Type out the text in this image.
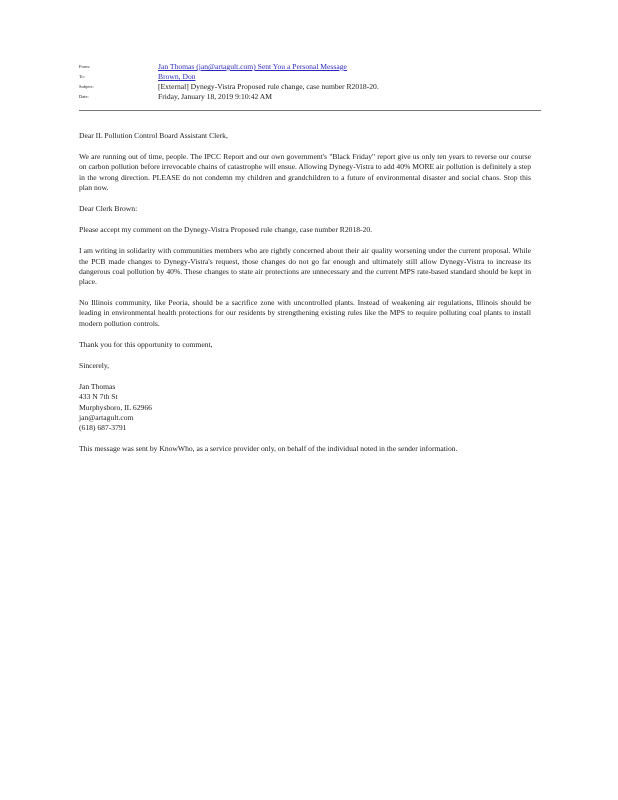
From:	Jan Thomas (jan@artagult.com) Sent You a Personal Message
To:	Brown, Don
Subject:	[External] Dynegy-Vistra Proposed rule change, case number R2018-20.
Date:	Friday, January 18, 2019 9:10:42 AM

Dear IL Pollution Control Board Assistant Clerk,

We are running out of time, people. The IPCC Report and our own government's "Black Friday" report give us only ten years to reverse our course on carbon pollution before irrevocable chains of catastrophe will ensue. Allowing Dynegy-Vistra to add 40% MORE air pollution is definitely a step in the wrong direction. PLEASE do not condemn my children and grandchildren to a future of environmental disaster and social chaos. Stop this plan now.

Dear Clerk Brown:

Please accept my comment on the Dynegy-Vistra Proposed rule change, case number R2018-20.

I am writing in solidarity with communities members who are rightly concerned about their air quality worsening under the current proposal. While the PCB made changes to Dynegy-Vistra's request, those changes do not go far enough and ultimately still allow Dynegy-Vistra to increase its dangerous coal pollution by 40%. These changes to state air protections are unnecessary and the current MPS rate-based standard should be kept in place.

No Illinois community, like Peoria, should be a sacrifice zone with uncontrolled plants. Instead of weakening air regulations, Illinois should be leading in environmental health protections for our residents by strengthening existing rules like the MPS to require polluting coal plants to install modern pollution controls.

Thank you for this opportunity to comment,

Sincerely,

Jan Thomas
433 N 7th St
Murphysboro, IL 62966
jan@artagult.com
(618) 687-3791

This message was sent by KnowWho, as a service provider only, on behalf of the individual noted in the sender information.
